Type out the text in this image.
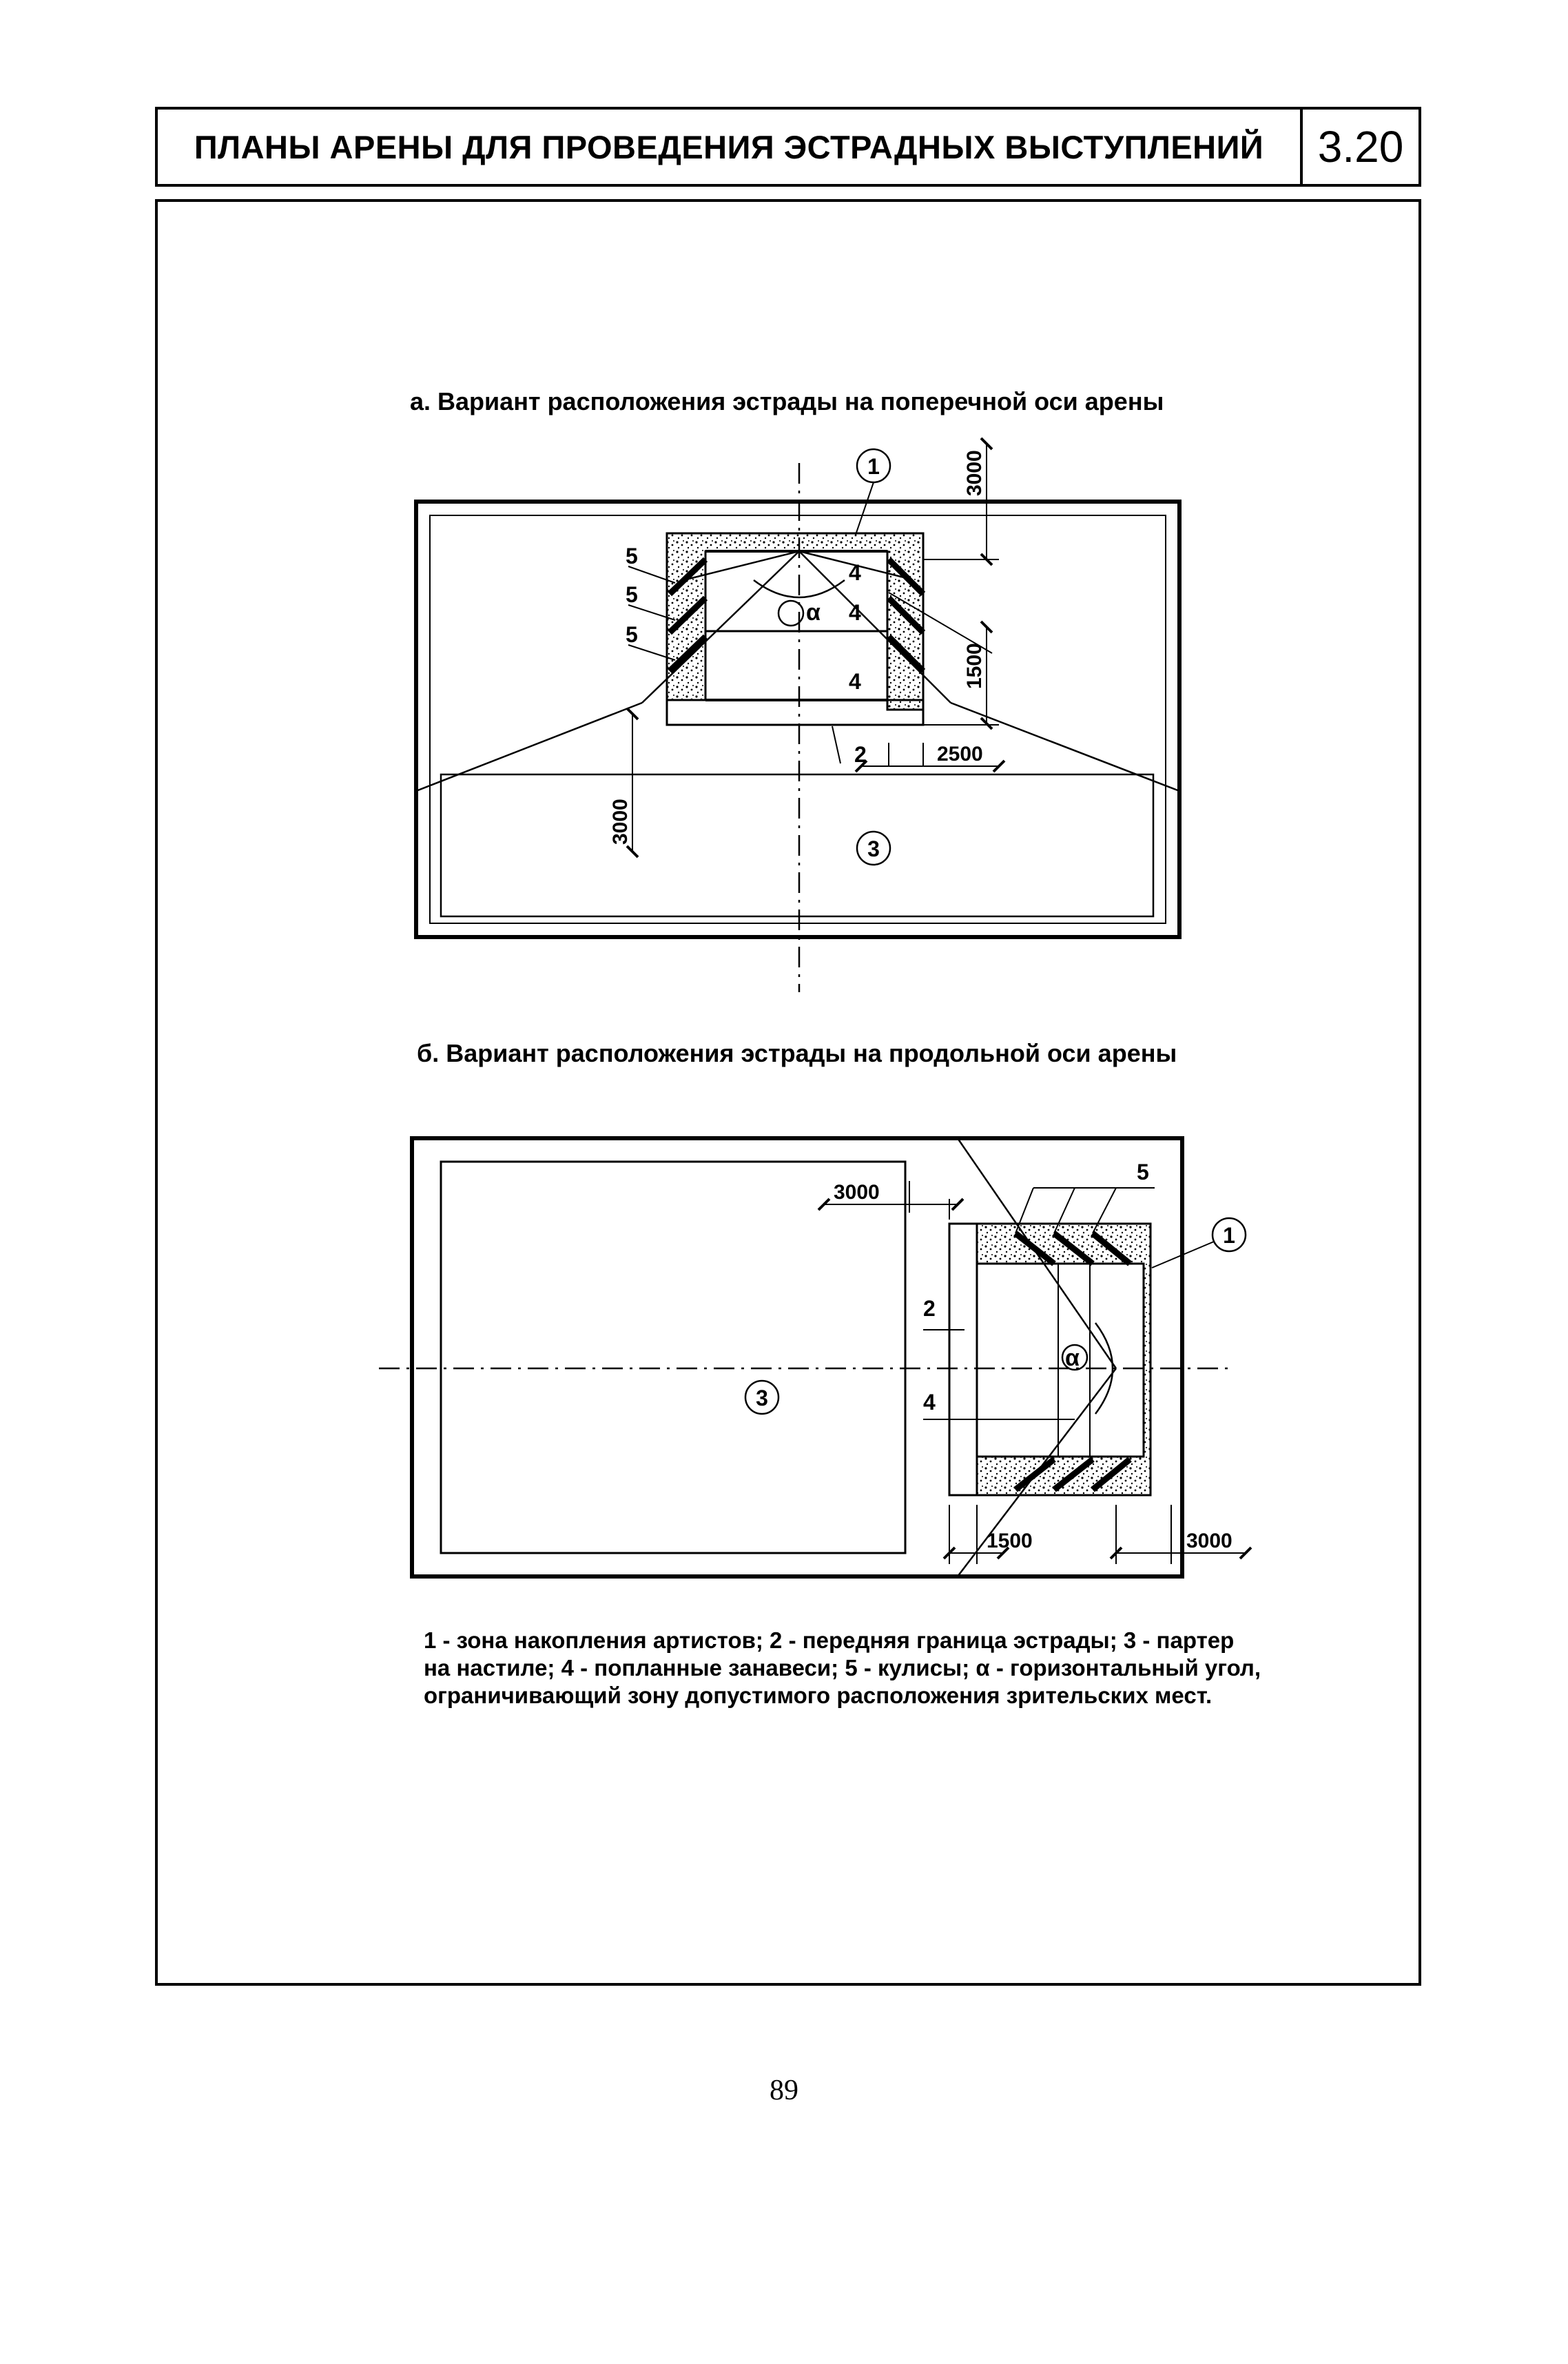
ПЛАНЫ АРЕНЫ ДЛЯ ПРОВЕДЕНИЯ ЭСТРАДНЫХ ВЫСТУПЛЕНИЙ	3.20
а. Вариант расположения эстрады на поперечной оси арены
б. Вариант расположения эстрады на продольной оси арены
1
3
2
4
4
4
5
5
5
α
3000
1500
2500
3000
1
3
2
4
5
α
3000
1500	3000
1 - зона накопления артистов; 2 - передняя граница эстрады; 3 - партер
на настиле; 4 - попланные занавеси; 5 - кулисы; α - горизонтальный угол,
ограничивающий зону допустимого расположения зрительских мест.
89
